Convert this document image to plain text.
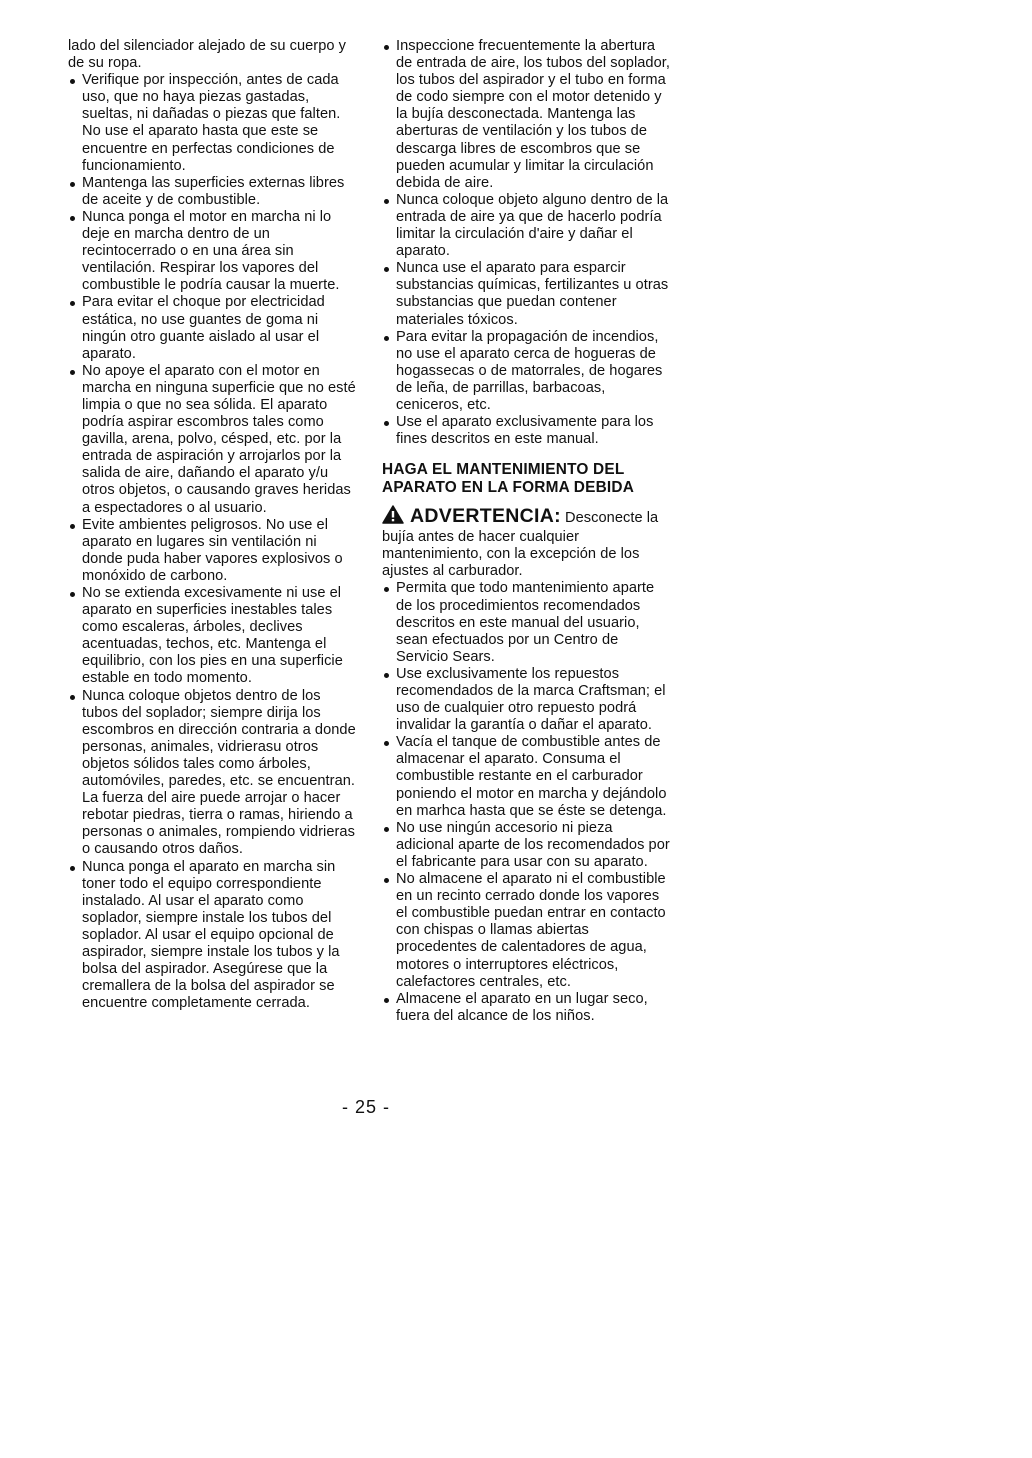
lado del silenciador alejado de su cuerpo y de su ropa.

Verifique por inspección, antes de cada uso, que no haya piezas gastadas, sueltas, ni dañadas o piezas que falten. No use el aparato hasta que este se encuentre en perfectas condiciones de funcionamiento.
Mantenga las superficies externas libres de aceite y de combustible.
Nunca ponga el motor en marcha ni lo deje en marcha dentro de un recintocerrado o en una área sin ventilación. Respirar los vapores del combustible le podría causar la muerte.
Para evitar el choque por electricidad estática, no use guantes de goma ni ningún otro guante aislado al usar el aparato.
No apoye el aparato con el motor en marcha en ninguna superficie que no esté limpia o que no sea sólida. El aparato podría aspirar escombros tales como gavilla, arena, polvo, césped, etc. por la entrada de aspiración y arrojarlos por la salida de aire, dañando el aparato y/u otros objetos, o causando graves heridas a espectadores o al usuario.
Evite ambientes peligrosos. No use el aparato en lugares sin ventilación ni donde puda haber vapores explosivos o monóxido de carbono.
No se extienda excesivamente ni use el aparato en superficies inestables tales como escaleras, árboles, declives acentuadas, techos, etc. Mantenga el equilibrio, con los pies en una superficie estable en todo momento.
Nunca coloque objetos dentro de los tubos del soplador; siempre dirija los escombros en dirección contraria a donde personas, animales, vidrierasu otros objetos sólidos tales como árboles, automóviles, paredes, etc. se encuentran. La fuerza del aire puede arrojar o hacer rebotar piedras, tierra o ramas, hiriendo a personas o animales, rompiendo vidrieras o causando otros daños.
Nunca ponga el aparato en marcha sin toner todo el equipo correspondiente instalado. Al usar el aparato como soplador, siempre instale los tubos del soplador. Al usar el equipo opcional de aspirador, siempre instale los tubos y la bolsa del aspirador. Asegúrese que la cremallera de la bolsa del aspirador se encuentre completamente cerrada.
Inspeccione frecuentemente la abertura de entrada de aire, los tubos del soplador, los tubos del aspirador y el tubo en forma de codo siempre con el motor detenido y la bujía desconectada. Mantenga las aberturas de ventilación y los tubos de descarga libres de escombros que se pueden acumular y limitar la circulación debida de aire.
Nunca coloque objeto alguno dentro de la entrada de aire ya que de hacerlo podría limitar la circulación d'aire y dañar el aparato.
Nunca use el aparato para esparcir substancias químicas, fertilizantes u otras substancias que puedan contener materiales tóxicos.
Para evitar la propagación de incendios, no use el aparato cerca de hogueras de hogassecas o de matorrales, de hogares de leña, de parrillas, barbacoas, ceniceros, etc.
Use el aparato exclusivamente para los fines descritos en este manual.
HAGA EL MANTENIMIENTO DEL
APARATO EN LA FORMA DEBIDA

ADVERTENCIA: Desconecte la bujía antes de hacer cualquier mantenimiento, con la excepción de los ajustes al carburador.

Permita que todo mantenimiento aparte de los procedimientos recomendados descritos en este manual del usuario, sean efectuados por un Centro de Servicio Sears.
Use exclusivamente los repuestos recomendados de la marca Craftsman; el uso de cualquier otro repuesto podrá invalidar la garantía o dañar el aparato.
Vacía el tanque de combustible antes de almacenar el aparato. Consuma el combustible restante en el carburador poniendo el motor en marcha y dejándolo en marhca hasta que se éste se detenga.
No use ningún accesorio ni pieza adicional aparte de los recomendados por el fabricante para usar con su aparato.
No almacene el aparato ni el combustible en un recinto cerrado donde los vapores el combustible puedan entrar en contacto con chispas o llamas abiertas procedentes de calentadores de agua, motores o interruptores eléctricos, calefactores centrales, etc.
Almacene el aparato en un lugar seco, fuera del alcance de los niños.
- 25 -
